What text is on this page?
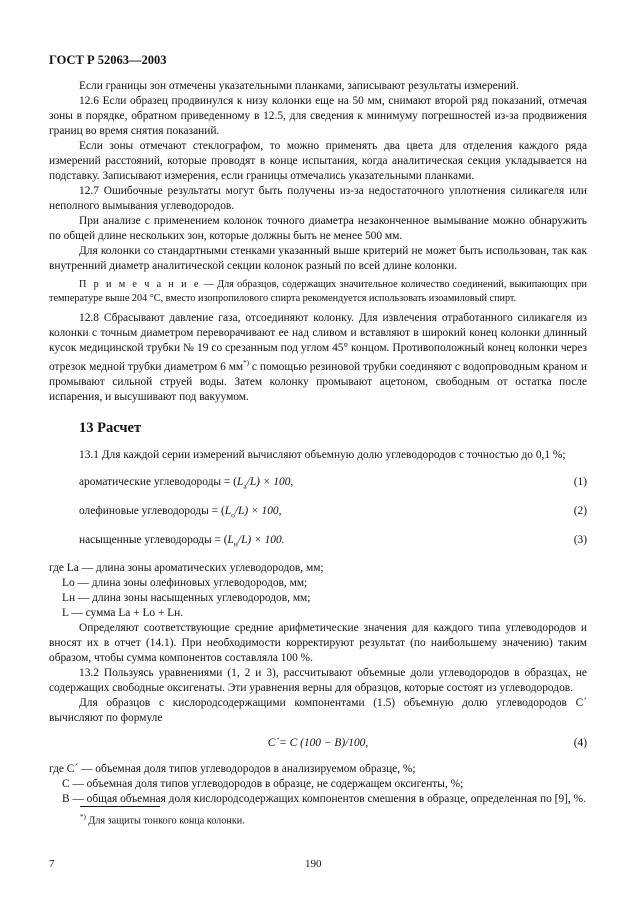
ГОСТ Р 52063—2003

Если границы зон отмечены указательными планками, записывают результаты измерений.

12.6 Если образец продвинулся к низу колонки еще на 50 мм, снимают второй ряд показаний, отмечая зоны в порядке, обратном приведенному в 12.5, для сведения к минимуму погрешностей из-за продвижения границ во время снятия показаний.

Если зоны отмечают стеклографом, то можно применять два цвета для отделения каждого ряда измерений расстояний, которые проводят в конце испытания, когда аналитическая секция укладывается на подставку. Записывают измерения, если границы отмечались указательными планками.

12.7 Ошибочные результаты могут быть получены из-за недостаточного уплотнения силикагеля или неполного вымывания углеводородов.

При анализе с применением колонок точного диаметра незаконченное вымывание можно обнаружить по общей длине нескольких зон, которые должны быть не менее 500 мм.

Для колонки со стандартными стенками указанный выше критерий не может быть использован, так как внутренний диаметр аналитической секции колонок разный по всей длине колонки.

П р и м е ч а н и е — Для образцов, содержащих значительное количество соединений, выкипающих при температуре выше 204 °С, вместо изопропилового спирта рекомендуется использовать изоамиловый спирт.

12.8 Сбрасывают давление газа, отсоединяют колонку. Для извлечения отработанного силикагеля из колонки с точным диаметром переворачивают ее над сливом и вставляют в широкий конец колонки длинный кусок медицинской трубки № 19 со срезанным под углом 45° концом. Противоположный конец колонки через отрезок медной трубки диаметром 6 мм*) с помощью резиновой трубки соединяют с водопроводным краном и промывают сильной струей воды. Затем колонку промывают ацетоном, свободным от остатка после испарения, и высушивают под вакуумом.

13 Расчет

13.1 Для каждой серии измерений вычисляют объемную долю углеводородов с точностью до 0,1 %;

ароматические углеводороды = $(L_a/L) \times 100$,	(1)
олефиновые углеводороды = $(L_o/L) \times 100$,	(2)
насыщенные углеводороды = $(L_н/L) \times 100$.	(3)
где Lа — длина зоны ароматических углеводородов, мм;
Lо — длина зоны олефиновых углеводородов, мм;
Lн — длина зоны насыщенных углеводородов, мм;
L — сумма Lа + Lо + Lн.

Определяют соответствующие средние арифметические значения для каждого типа углеводородов и вносят их в отчет (14.1). При необходимости корректируют результат (по наибольшему значению) таким образом, чтобы сумма компонентов составляла 100 %.

13.2 Пользуясь уравнениями (1, 2 и 3), рассчитывают объемные доли углеводородов в образцах, не содержащих свободные оксигенаты. Эти уравнения верны для образцов, которые состоят из углеводородов.

Для образцов с кислородсодержащими компонентами (1.5) объемную долю углеводородов C´ вычисляют по формуле

C´= C (100 − B)/100,	(4)
где C´ — объемная доля типов углеводородов в анализируемом образце, %;
C — объемная доля типов углеводородов в образце, не содержащем оксигенты, %;
B — общая объемная доля кислородсодержащих компонентов смешения в образце, определенная по [9], %.
*) Для защиты тонкого конца колонки.
7	190
